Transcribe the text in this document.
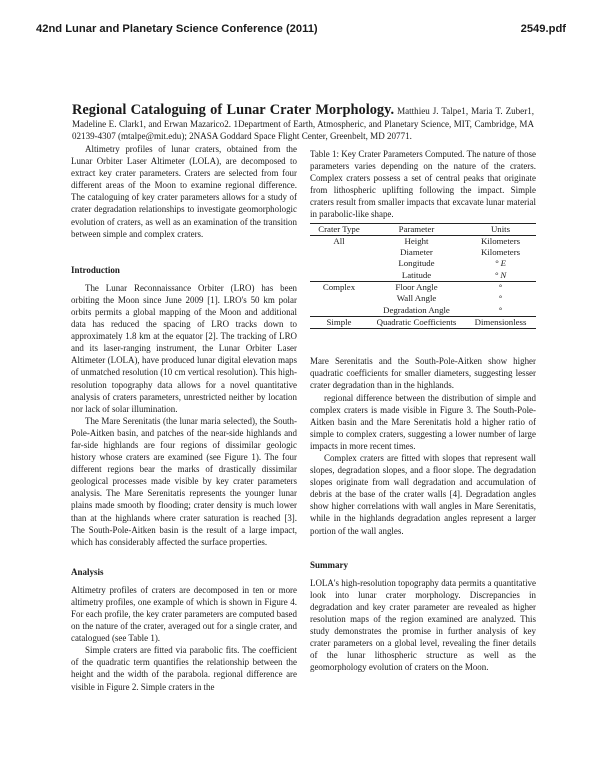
42nd Lunar and Planetary Science Conference (2011)	2549.pdf
Regional Cataloguing of Lunar Crater Morphology. Matthieu J. Talpe1, Maria T. Zuber1, Madeline E. Clark1, and Erwan Mazarico2. 1Department of Earth, Atmospheric, and Planetary Science, MIT, Cambridge, MA 02139-4307 (mtalpe@mit.edu); 2NASA Goddard Space Flight Center, Greenbelt, MD 20771.

Altimetry profiles of lunar craters, obtained from the Lunar Orbiter Laser Altimeter (LOLA), are decomposed to extract key crater parameters. Craters are selected from four different areas of the Moon to examine regional difference. The cataloguing of key crater parameters allows for a study of crater degradation relationships to investigate geomorphologic evolution of craters, as well as an examination of the transition between simple and complex craters.

Introduction

The Lunar Reconnaissance Orbiter (LRO) has been orbiting the Moon since June 2009 [1]. LRO's 50 km polar orbits permits a global mapping of the Moon and additional data has reduced the spacing of LRO tracks down to approximately 1.8 km at the equator [2]. The tracking of LRO and its laser-ranging instrument, the Lunar Orbiter Laser Altimeter (LOLA), have produced lunar digital elevation maps of unmatched resolution (10 cm vertical resolution). This high-resolution topography data allows for a novel quantitative analysis of craters parameters, unrestricted neither by location nor lack of solar illumination.

The Mare Serenitatis (the lunar maria selected), the South-Pole-Aitken basin, and patches of the near-side highlands and far-side highlands are four regions of dissimilar geologic history whose craters are examined (see Figure 1). The four different regions bear the marks of drastically dissimilar geological processes made visible by key crater parameters analysis. The Mare Serenitatis represents the younger lunar plains made smooth by flooding; crater density is much lower than at the highlands where crater saturation is reached [3]. The South-Pole-Aitken basin is the result of a large impact, which has considerably affected the surface properties.

Analysis

Altimetry profiles of craters are decomposed in ten or more altimetry profiles, one example of which is shown in Figure 4. For each profile, the key crater parameters are computed based on the nature of the crater, averaged out for a single crater, and catalogued (see Table 1).

Simple craters are fitted via parabolic fits. The coefficient of the quadratic term quantifies the relationship between the height and the width of the parabola. regional difference are visible in Figure 2. Simple craters in the

Table 1: Key Crater Parameters Computed. The nature of those parameters varies depending on the nature of the craters. Complex craters possess a set of central peaks that originate from lithospheric uplifting following the impact. Simple craters result from smaller impacts that excavate lunar material in parabolic-like shape.

Crater Type	Parameter	Units
All	Height	Kilometers
	Diameter	Kilometers
	Longitude	° E
	Latitude	° N
Complex	Floor Angle	°
	Wall Angle	°
	Degradation Angle	°
Simple	Quadratic Coefficients	Dimensionless

Mare Serenitatis and the South-Pole-Aitken show higher quadratic coefficients for smaller diameters, suggesting lesser crater degradation than in the highlands.

regional difference between the distribution of simple and complex craters is made visible in Figure 3. The South-Pole-Aitken basin and the Mare Serenitatis hold a higher ratio of simple to complex craters, suggesting a lower number of large impacts in more recent times.

Complex craters are fitted with slopes that represent wall slopes, degradation slopes, and a floor slope. The degradation slopes originate from wall degradation and accumulation of debris at the base of the crater walls [4]. Degradation angles show higher correlations with wall angles in Mare Serenitatis, while in the highlands degradation angles represent a larger portion of the wall angles.

Summary

LOLA's high-resolution topography data permits a quantitative look into lunar crater morphology. Discrepancies in degradation and key crater parameter are revealed as higher resolution maps of the region examined are analyzed. This study demonstrates the promise in further analysis of key crater parameters on a global level, revealing the finer details of the lunar lithospheric structure as well as the geomorphology evolution of craters on the Moon.
